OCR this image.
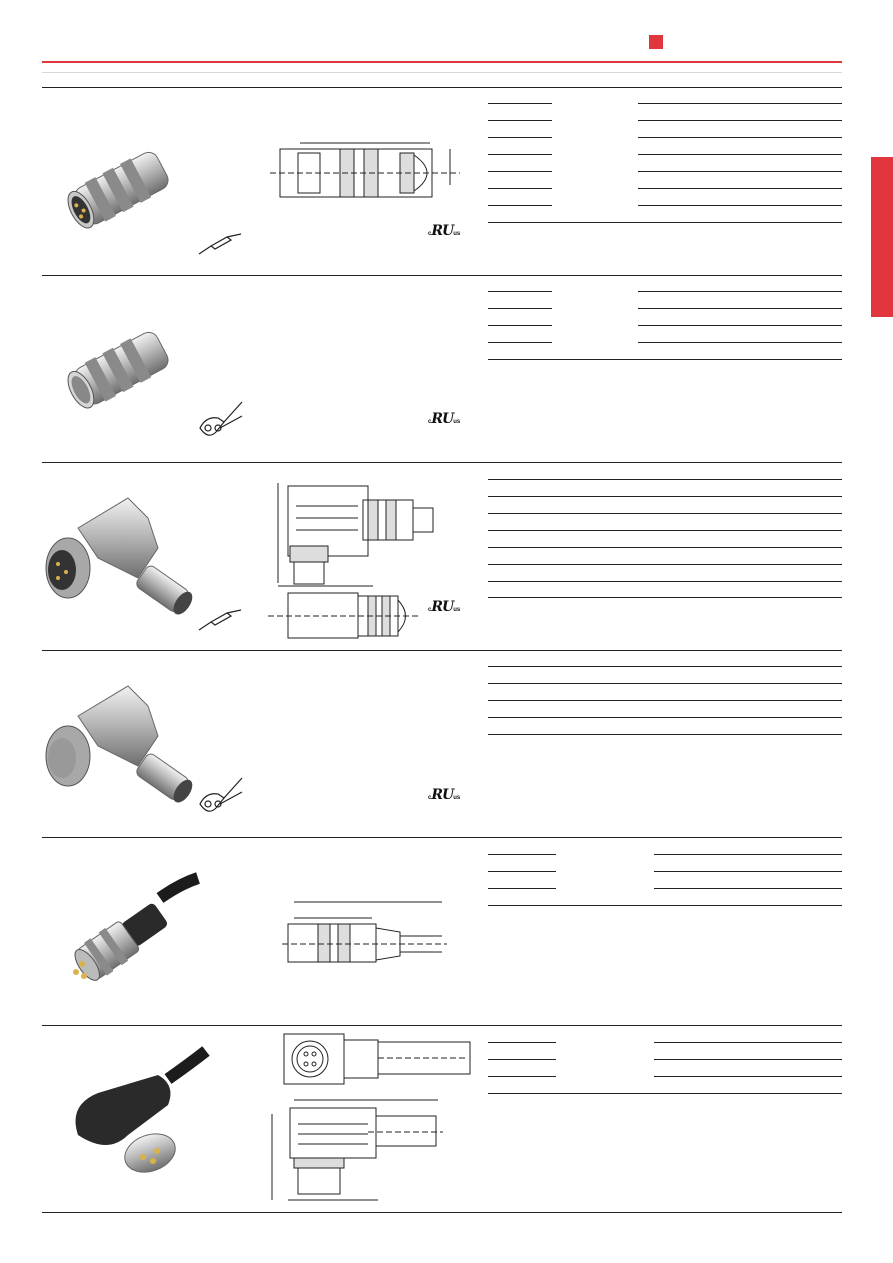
cRUus
cRUus
cRUus
cRUus
